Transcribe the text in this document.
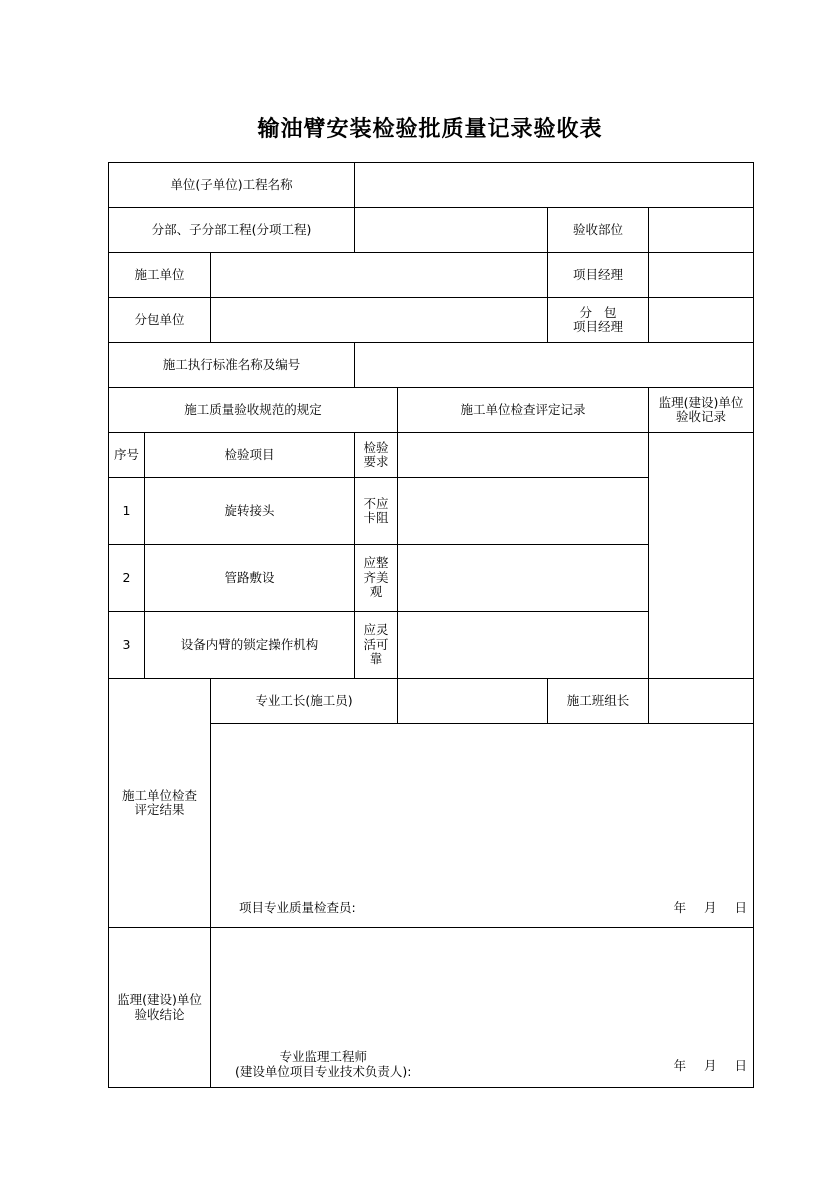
输油臂安装检验批质量记录验收表
单位(子单位)工程名称						
分部、子分部工程(分项工程)					验收部位	
施工单位					项目经理	
分包单位					分   包
项目经理	

施工执行标准名称及编号						
施工质量验收规范的规定				施工单位检查评定记录		监理(建设)单位
验收记录

序号	检验项目		检验要求			
1	旋转接头		不应卡阻			
2	管路敷设		应整齐美观			
3	设备内臂的锁定操作机构		应灵活可靠			

施工单位检查
评定结果		专业工长(施工员)			施工班组长	

		项目专业质量检查员: 年 月 日				

监理(建设)单位
验收结论		专业监理工程师
(建设单位项目专业技术负责人): 年 月 日				
